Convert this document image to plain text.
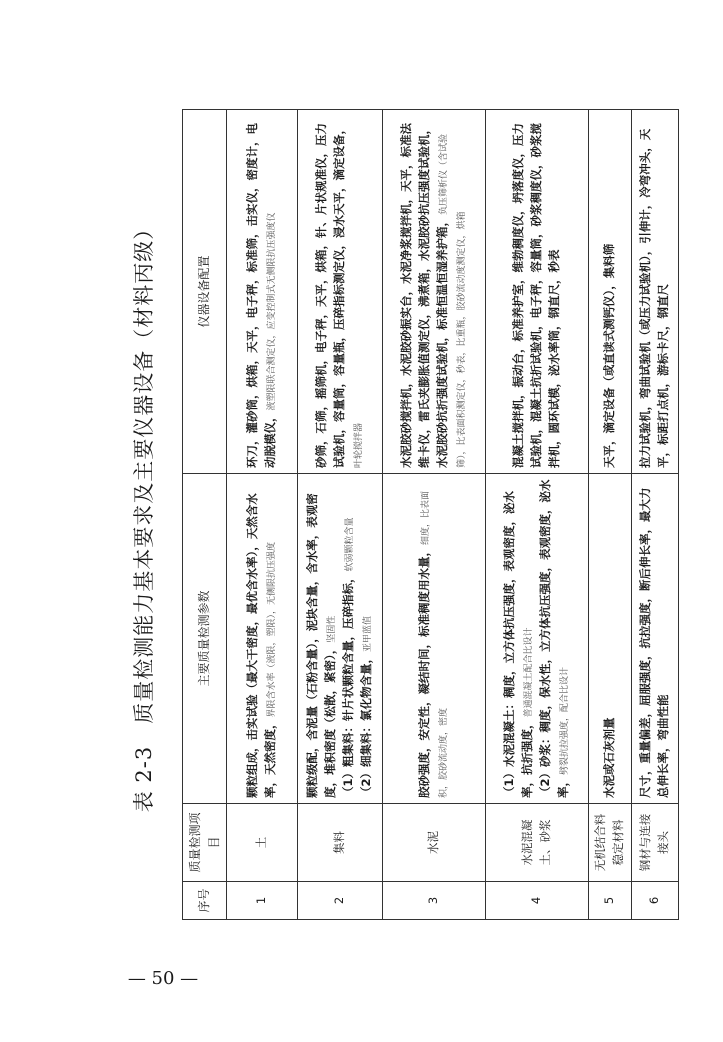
— 50 —
表 2-3　质量检测能力基本要求及主要仪器设备（材料丙级）
序号	质量检测项目	主要质量检测参数	仪器设备配置
1	土	颗粒组成，击实试验（最大干密度，最优含水率），天然含水率，天然密度，界限含水率（液限，塑限），无侧限抗压强度	环刀，灌砂筒，烘箱，天平，电子秤，标准筛，击实仪，密度计，电动脱模仪，液塑限联合测定仪，应变控制式无侧限抗压强度仪
2	集料	颗粒级配，含泥量（石粉含量），泥块含量，含水率，表观密度，堆积密度（松散，紧密），坚固性 （1）粗集料：针片状颗粒含量，压碎指标，软弱颗粒含量
（2）细集料：氯化物含量，亚甲蓝值	砂筛，石筛，摇筛机，电子秤，天平，烘箱，针、片状规准仪，压力试验机，容量筒，容量瓶，压碎指标测定仪，浸水天平，滴定设备， 叶轮搅拌器
3	水泥	胶砂强度，安定性，凝结时间，标准稠度用水量，细度，比表面积，胶砂流动度，密度	水泥胶砂搅拌机，水泥胶砂振实台，水泥净浆搅拌机，天平，标准法维卡仪，雷氏夹膨胀值测定仪，沸煮箱，水泥胶砂抗压强度试验机，水泥胶砂抗折强度试验机，标准恒温恒湿养护箱，负压筛析仪（含试验筛），比表面积测定仪，秒表，比重瓶，胶砂流动度测定仪，烘箱
4	水泥混凝土、砂浆	（1）水泥混凝土：稠度，立方体抗压强度，表观密度，泌水率，抗折强度，普通混凝土配合比设计 （2）砂浆：稠度，保水性，立方体抗压强度，表观密度，泌水率，劈裂抗拉强度，配合比设计	混凝土搅拌机，振动台，标准养护室，维勃稠度仪，坍落度仪，压力试验机，混凝土抗折试验机，电子秤，容量筒，砂浆稠度仪，砂浆搅拌机，圆环试模，泌水率筒，钢直尺，秒表
5	无机结合料稳定材料	水泥或石灰剂量	天平，滴定设备（或直读式测钙仪），集料筛
6	钢材与连接接头	尺寸，重量偏差，屈服强度，抗拉强度，断后伸长率，最大力总伸长率，弯曲性能	拉力试验机，弯曲试验机（或压力试验机），引伸计，冷弯冲头，天平，标距打点机，游标卡尺，钢直尺
